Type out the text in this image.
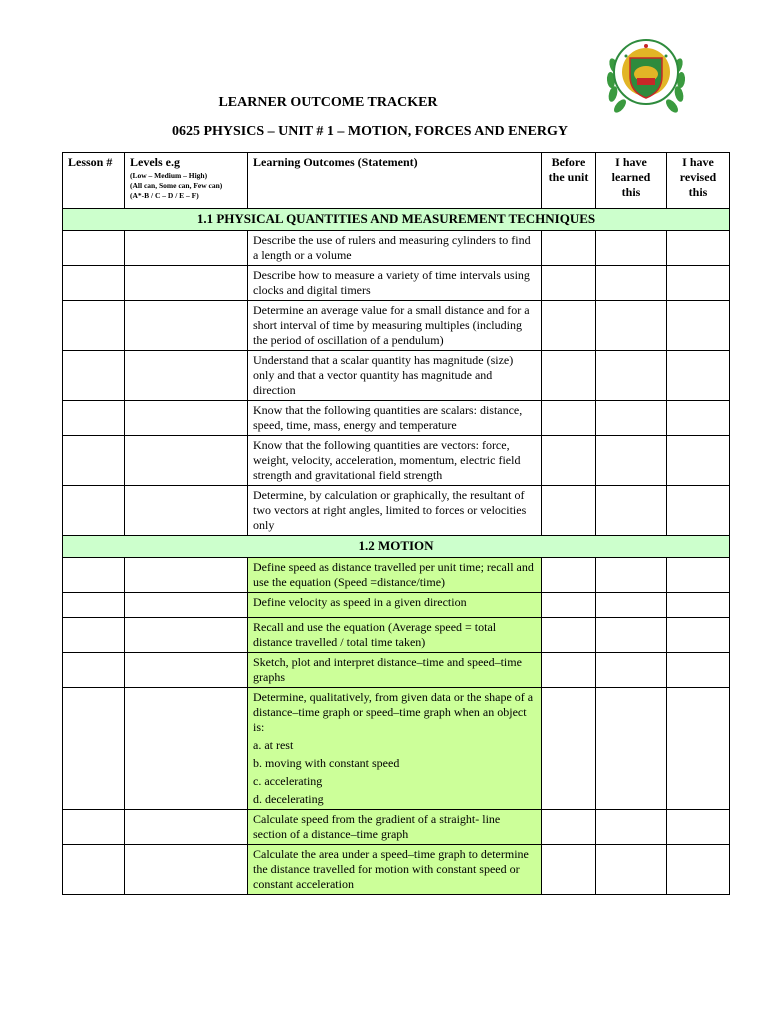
LEARNER OUTCOME TRACKER
0625 PHYSICS – UNIT # 1 – MOTION, FORCES AND ENERGY
Lesson #	Levels e.g
(Low – Medium – High)
(All can, Some can, Few can)
(A*-B / C – D / E – F)	Learning Outcomes (Statement)	Before the unit	I have learned this	I have revised this
1.1 PHYSICAL QUANTITIES AND MEASUREMENT TECHNIQUES					
		Describe the use of rulers and measuring cylinders to find a length or a volume			
		Describe how to measure a variety of time intervals using clocks and digital timers			
		Determine an average value for a small distance and for a short interval of time by measuring multiples (including the period of oscillation of a pendulum)			
		Understand that a scalar quantity has magnitude (size) only and that a vector quantity has magnitude and direction			
		Know that the following quantities are scalars: distance, speed, time, mass, energy and temperature			
		Know that the following quantities are vectors: force, weight, velocity, acceleration, momentum, electric field strength and gravitational field strength			
		Determine, by calculation or graphically, the resultant of two vectors at right angles, limited to forces or velocities only			
1.2 MOTION					
		Define speed as distance travelled per unit time; recall and use the equation (Speed =distance/time)			
		Define velocity as speed in a given direction			
		Recall and use the equation (Average speed = total distance travelled / total time taken)			
		Sketch, plot and interpret distance–time and speed–time graphs			
		Determine, qualitatively, from given data or the shape of a distance–time graph or speed–time graph when an object is:
a. at rest
b. moving with constant speed
c. accelerating
d. decelerating			

		Calculate speed from the gradient of a straight- line section of a distance–time graph			
		Calculate the area under a speed–time graph to determine the distance travelled for motion with constant speed or constant acceleration			
